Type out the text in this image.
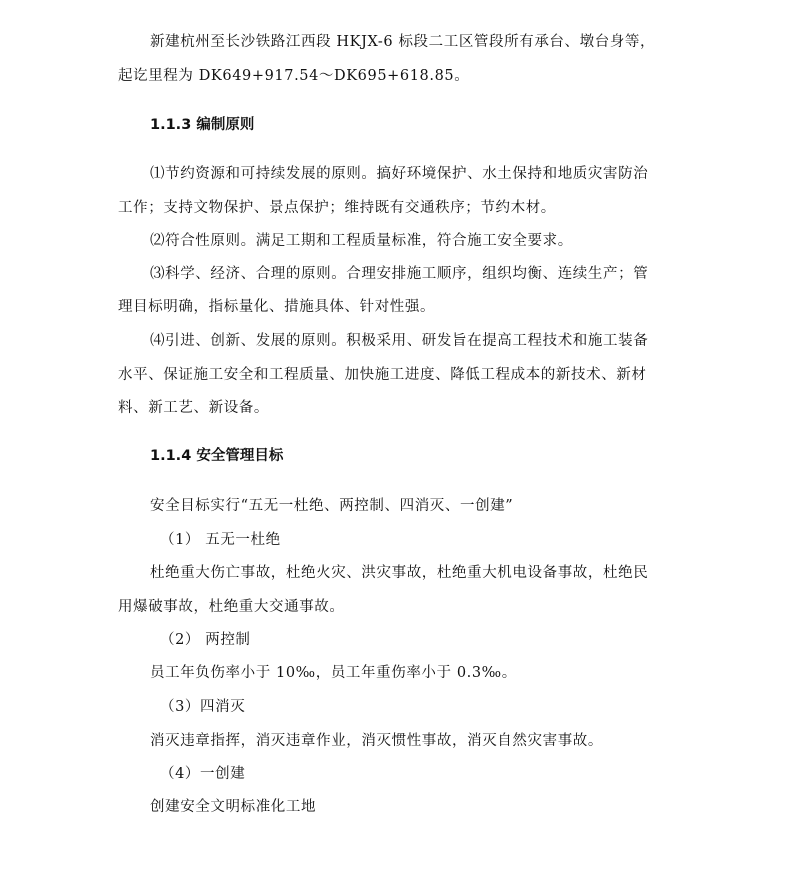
新建杭州至长沙铁路江西段 HKJX-6 标段二工区管段所有承台、墩台身等，
起讫里程为 DK649+917.54～DK695+618.85。
1.1.3 编制原则
⑴节约资源和可持续发展的原则。搞好环境保护、水土保持和地质灾害防治
工作；支持文物保护、景点保护；维持既有交通秩序；节约木材。
⑵符合性原则。满足工期和工程质量标准，符合施工安全要求。
⑶科学、经济、合理的原则。合理安排施工顺序，组织均衡、连续生产；管
理目标明确，指标量化、措施具体、针对性强。
⑷引进、创新、发展的原则。积极采用、研发旨在提高工程技术和施工装备
水平、保证施工安全和工程质量、加快施工进度、降低工程成本的新技术、新材
料、新工艺、新设备。
1.1.4 安全管理目标
安全目标实行“五无一杜绝、两控制、四消灭、一创建”
（1） 五无一杜绝
杜绝重大伤亡事故，杜绝火灾、洪灾事故，杜绝重大机电设备事故，杜绝民
用爆破事故，杜绝重大交通事故。
（2） 两控制
员工年负伤率小于 10‰，员工年重伤率小于 0.3‰。
（3）四消灭
消灭违章指挥，消灭违章作业，消灭惯性事故，消灭自然灾害事故。
（4）一创建
创建安全文明标准化工地
